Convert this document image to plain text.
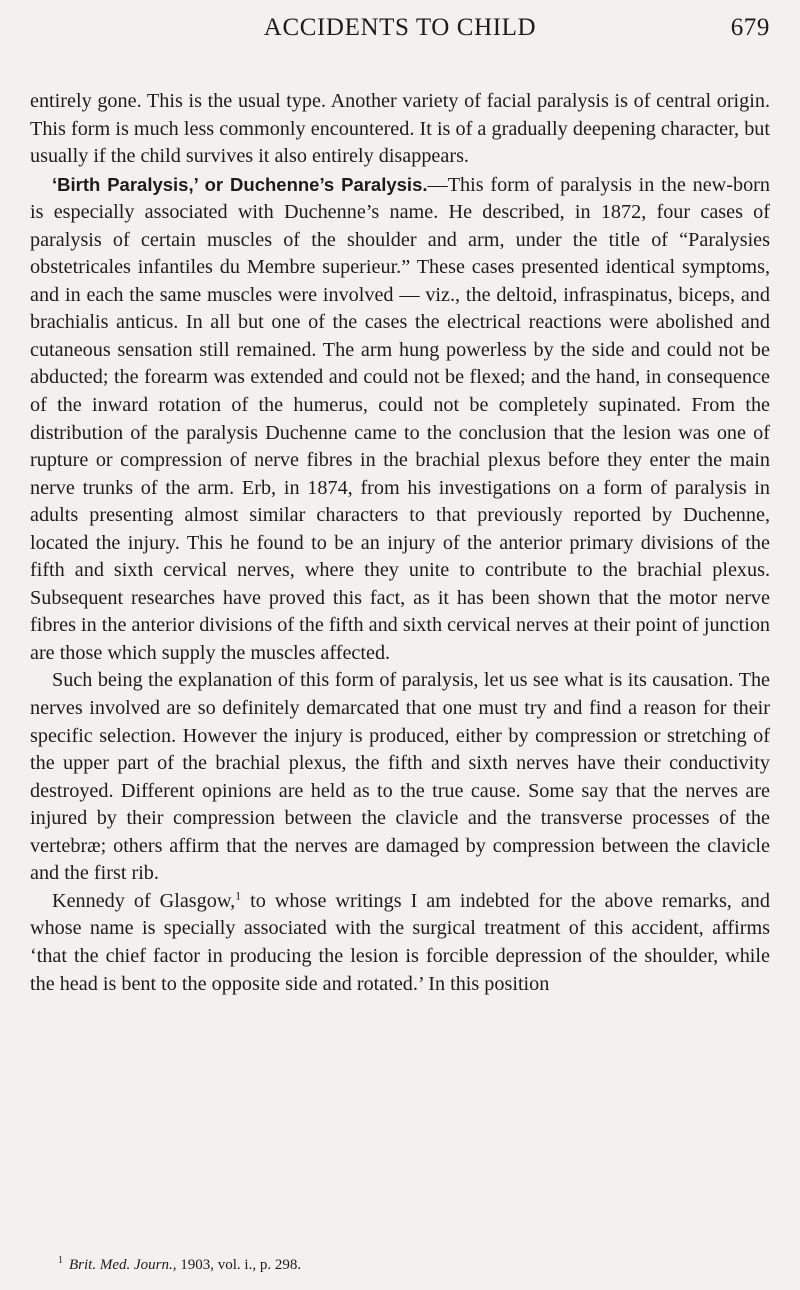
ACCIDENTS TO CHILD	679

entirely gone. This is the usual type. Another variety of facial paralysis is of central origin. This form is much less commonly encountered. It is of a gradually deepening character, but usually if the child survives it also entirely disappears.

‘Birth Paralysis,’ or Duchenne’s Paralysis.—This form of paralysis in the new-born is especially associated with Duchenne’s name. He described, in 1872, four cases of paralysis of certain muscles of the shoulder and arm, under the title of “Paralysies obstetricales infantiles du Membre superieur.” These cases presented identical symptoms, and in each the same muscles were involved — viz., the deltoid, infraspinatus, biceps, and brachialis anticus. In all but one of the cases the electrical reactions were abolished and cutaneous sensation still remained. The arm hung powerless by the side and could not be abducted; the forearm was extended and could not be flexed; and the hand, in consequence of the inward rotation of the humerus, could not be completely supinated. From the distribution of the paralysis Duchenne came to the conclusion that the lesion was one of rupture or compression of nerve fibres in the brachial plexus before they enter the main nerve trunks of the arm. Erb, in 1874, from his investigations on a form of paralysis in adults presenting almost similar characters to that previously reported by Duchenne, located the injury. This he found to be an injury of the anterior primary divisions of the fifth and sixth cervical nerves, where they unite to contribute to the brachial plexus. Subsequent researches have proved this fact, as it has been shown that the motor nerve fibres in the anterior divisions of the fifth and sixth cervical nerves at their point of junction are those which supply the muscles affected.

Such being the explanation of this form of paralysis, let us see what is its causation. The nerves involved are so definitely demarcated that one must try and find a reason for their specific selection. However the injury is produced, either by compression or stretching of the upper part of the brachial plexus, the fifth and sixth nerves have their conductivity destroyed. Different opinions are held as to the true cause. Some say that the nerves are injured by their compression between the clavicle and the transverse processes of the vertebræ; others affirm that the nerves are damaged by compression between the clavicle and the first rib.

Kennedy of Glasgow,$^1$ to whose writings I am indebted for the above remarks, and whose name is specially associated with the surgical treatment of this accident, affirms ‘that the chief factor in producing the lesion is forcible depression of the shoulder, while the head is bent to the opposite side and rotated.’ In this position

$^1$ Brit. Med. Journ., 1903, vol. i., p. 298.
